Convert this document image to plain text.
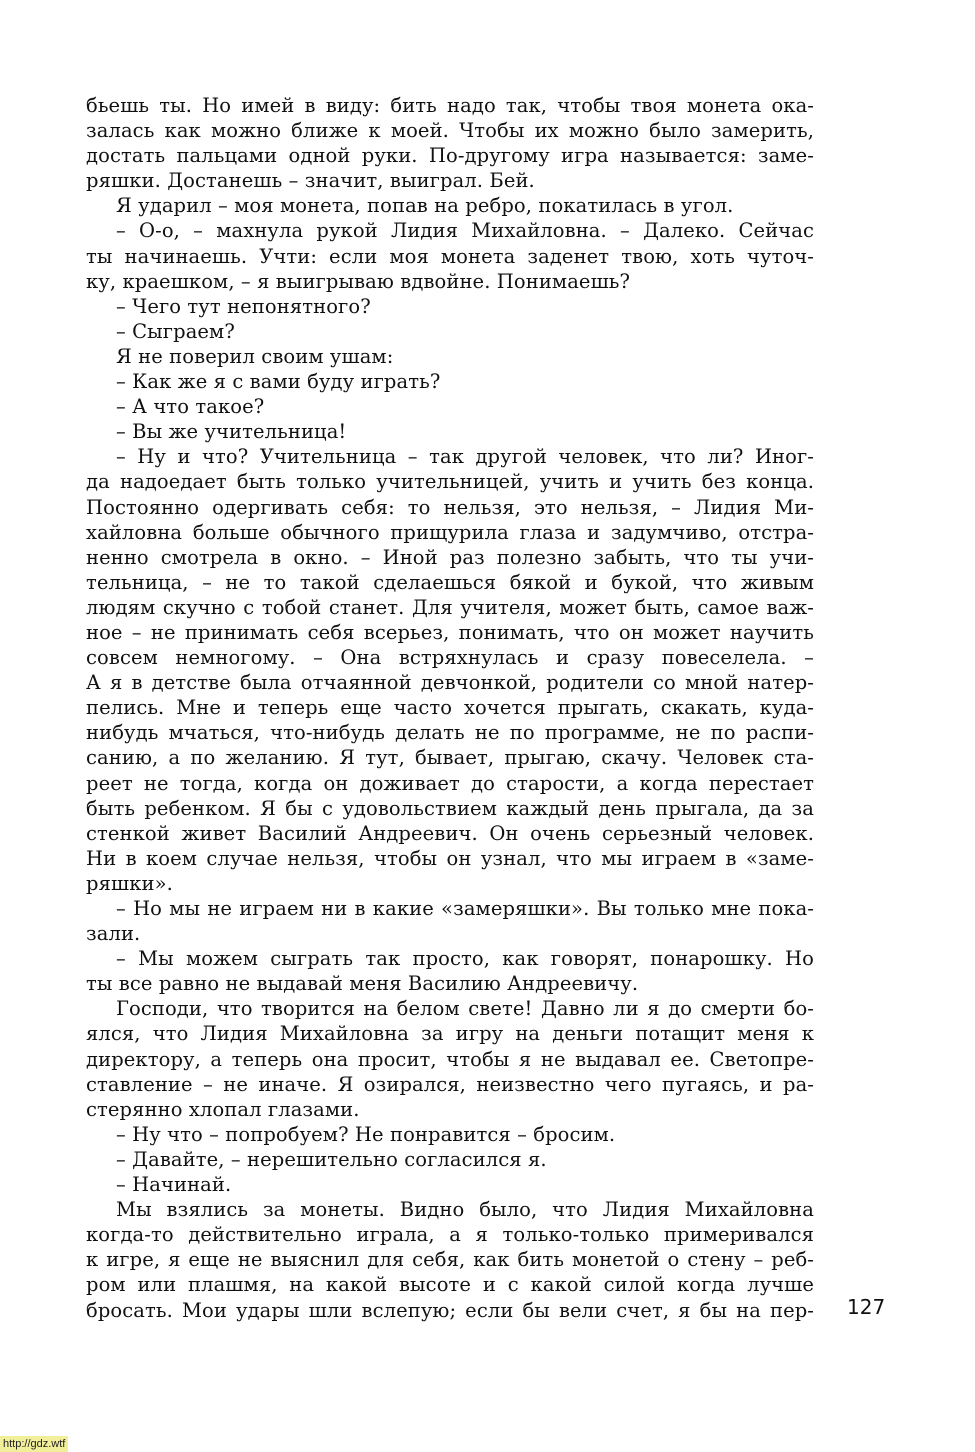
бьешь ты. Но имей в виду: бить надо так, чтобы твоя монета ока-
залась как можно ближе к моей. Чтобы их можно было замерить,
достать пальцами одной руки. По-другому игра называется: заме-
ряшки. Достанешь – значит, выиграл. Бей.
Я ударил – моя монета, попав на ребро, покатилась в угол.
– О-о, – махнула рукой Лидия Михайловна. – Далеко. Сейчас
ты начинаешь. Учти: если моя монета заденет твою, хоть чуточ-
ку, краешком, – я выигрываю вдвойне. Понимаешь?
– Чего тут непонятного?
– Сыграем?
Я не поверил своим ушам:
– Как же я с вами буду играть?
– А что такое?
– Вы же учительница!
– Ну и что? Учительница – так другой человек, что ли? Иног-
да надоедает быть только учительницей, учить и учить без конца.
Постоянно одергивать себя: то нельзя, это нельзя, – Лидия Ми-
хайловна больше обычного прищурила глаза и задумчиво, отстра-
ненно смотрела в окно. – Иной раз полезно забыть, что ты учи-
тельница, – не то такой сделаешься бякой и букой, что живым
людям скучно с тобой станет. Для учителя, может быть, самое важ-
ное – не принимать себя всерьез, понимать, что он может научить
совсем немногому. – Она встряхнулась и сразу повеселела. –
А я в детстве была отчаянной девчонкой, родители со мной натер-
пелись. Мне и теперь еще часто хочется прыгать, скакать, куда-
нибудь мчаться, что-нибудь делать не по программе, не по распи-
санию, а по желанию. Я тут, бывает, прыгаю, скачу. Человек ста-
реет не тогда, когда он доживает до старости, а когда перестает
быть ребенком. Я бы с удовольствием каждый день прыгала, да за
стенкой живет Василий Андреевич. Он очень серьезный человек.
Ни в коем случае нельзя, чтобы он узнал, что мы играем в «заме-
ряшки».
– Но мы не играем ни в какие «замеряшки». Вы только мне пока-
зали.
– Мы можем сыграть так просто, как говорят, понарошку. Но
ты все равно не выдавай меня Василию Андреевичу.
Господи, что творится на белом свете! Давно ли я до смерти бо-
ялся, что Лидия Михайловна за игру на деньги потащит меня к
директору, а теперь она просит, чтобы я не выдавал ее. Светопре-
ставление – не иначе. Я озирался, неизвестно чего пугаясь, и ра-
стерянно хлопал глазами.
– Ну что – попробуем? Не понравится – бросим.
– Давайте, – нерешительно согласился я.
– Начинай.
Мы взялись за монеты. Видно было, что Лидия Михайловна
когда-то действительно играла, а я только-только примеривался
к игре, я еще не выяснил для себя, как бить монетой о стену – реб-
ром или плашмя, на какой высоте и с какой силой когда лучше
бросать. Мои удары шли вслепую; если бы вели счет, я бы на пер- 127
http://gdz.wtf
